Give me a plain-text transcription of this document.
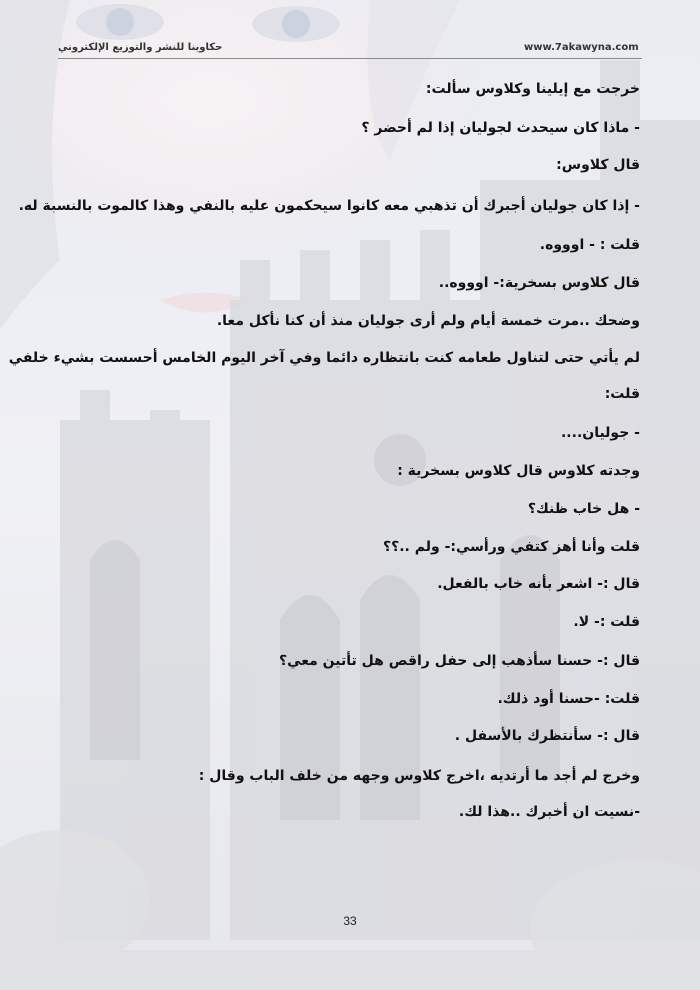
www.7akawyna.com
حكاوينا للنشر والتوزيع الإلكتروني

خرجت مع إيلينا وكلاوس سألت:

- ماذا كان سيحدث لجوليان إذا لم أحضر ؟

قال كلاوس:

- إذا كان جوليان أجبرك أن تذهبي معه كانوا سيحكمون عليه بالنفي وهذا كالموت بالنسبة له.

قلت : - اوووه.

قال كلاوس بسخرية:- اوووه..

وضحك ..مرت خمسة أيام ولم أرى جوليان منذ أن كنا نأكل معا.

لم يأتي حتى لتناول طعامه كنت بانتظاره دائما وفي آخر اليوم الخامس أحسست بشيء خلفي

قلت:

- جوليان....

وجدته كلاوس قال كلاوس بسخرية :

- هل خاب ظنك؟

قلت وأنا أهز كتفي ورأسي:- ولم ..؟؟

قال :- اشعر بأنه خاب بالفعل.

قلت :- لا.

قال :- حسنا سأذهب إلى حفل راقص هل تأتين معي؟

قلت: -حسنا أود ذلك.

قال :- سأنتظرك بالأسفل .

وخرج لم أجد ما أرتديه ،اخرج كلاوس وجهه من خلف الباب وقال :

-نسيت ان أخبرك ..هذا لك.

33
